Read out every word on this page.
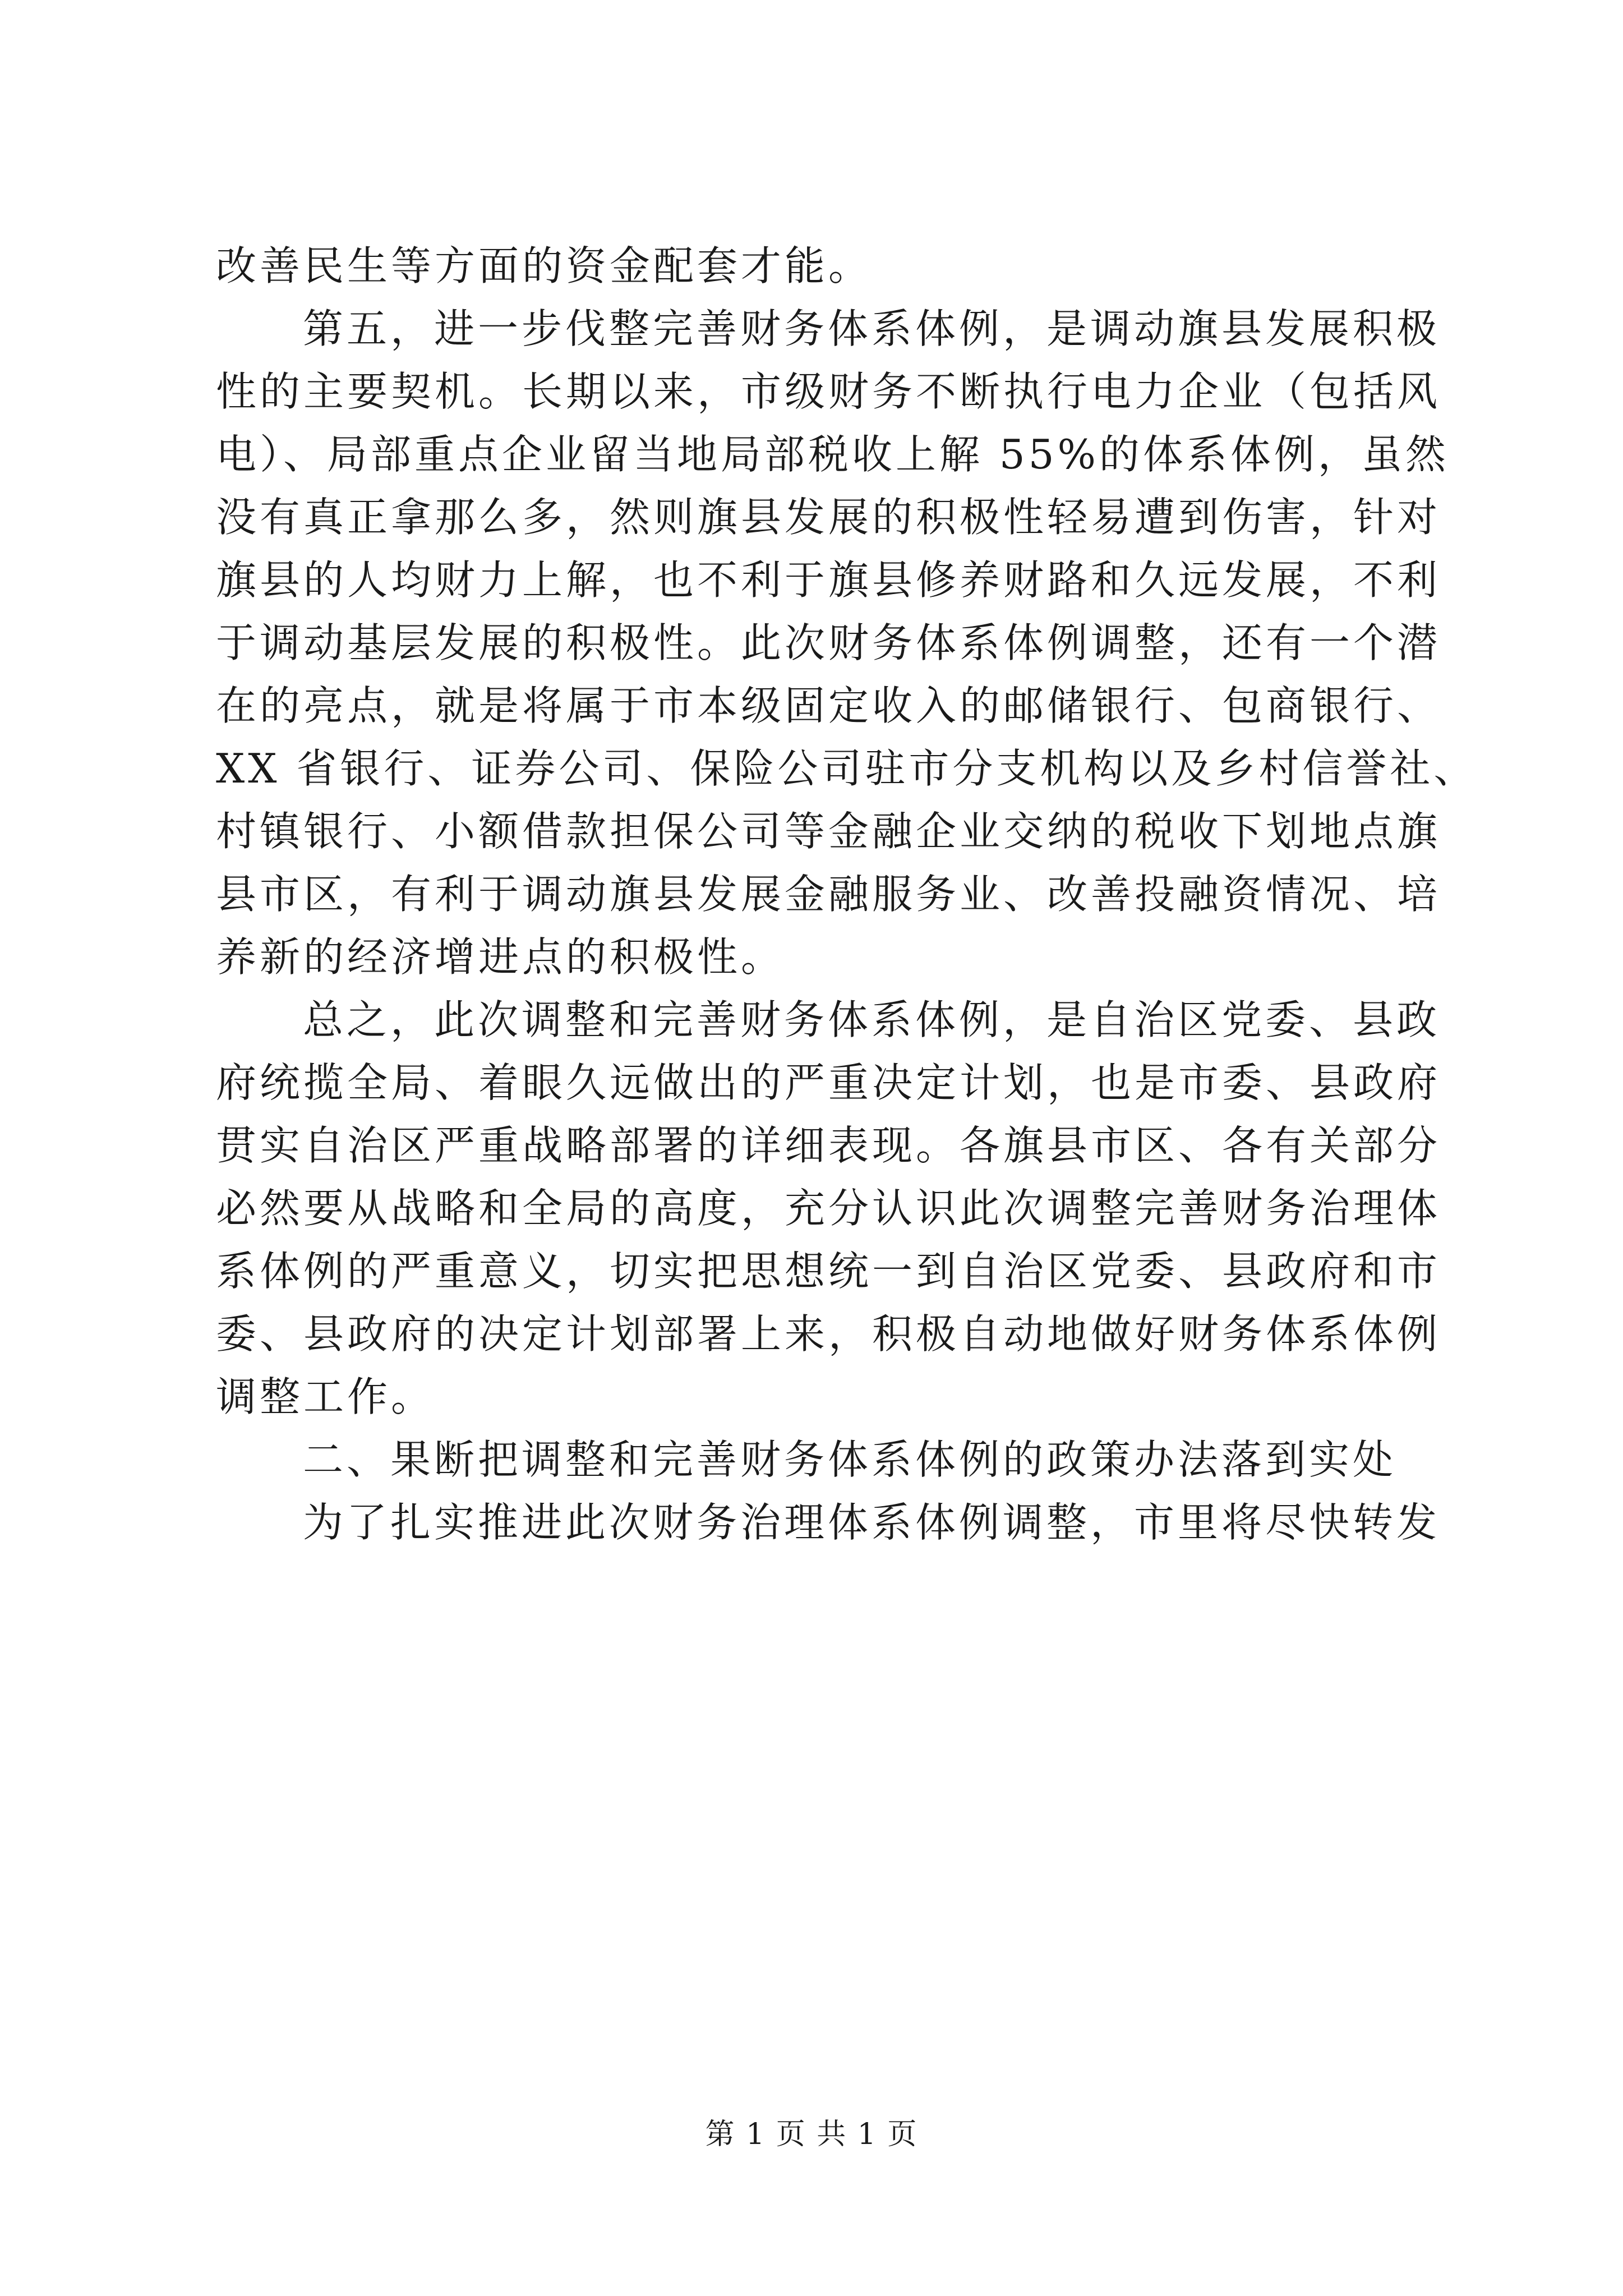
改善民生等方面的资金配套才能。
第五，进一步伐整完善财务体系体例，是调动旗县发展积极
性的主要契机。长期以来，市级财务不断执行电力企业（包括风
电）、局部重点企业留当地局部税收上解 55%的体系体例，虽然
没有真正拿那么多，然则旗县发展的积极性轻易遭到伤害，针对
旗县的人均财力上解，也不利于旗县修养财路和久远发展，不利
于调动基层发展的积极性。此次财务体系体例调整，还有一个潜
在的亮点，就是将属于市本级固定收入的邮储银行、包商银行、
XX 省银行、证券公司、保险公司驻市分支机构以及乡村信誉社、
村镇银行、小额借款担保公司等金融企业交纳的税收下划地点旗
县市区，有利于调动旗县发展金融服务业、改善投融资情况、培
养新的经济增进点的积极性。
总之，此次调整和完善财务体系体例，是自治区党委、县政
府统揽全局、着眼久远做出的严重决定计划，也是市委、县政府
贯实自治区严重战略部署的详细表现。各旗县市区、各有关部分
必然要从战略和全局的高度，充分认识此次调整完善财务治理体
系体例的严重意义，切实把思想统一到自治区党委、县政府和市
委、县政府的决定计划部署上来，积极自动地做好财务体系体例
调整工作。
二、果断把调整和完善财务体系体例的政策办法落到实处
为了扎实推进此次财务治理体系体例调整，市里将尽快转发
第 1 页 共 1 页
